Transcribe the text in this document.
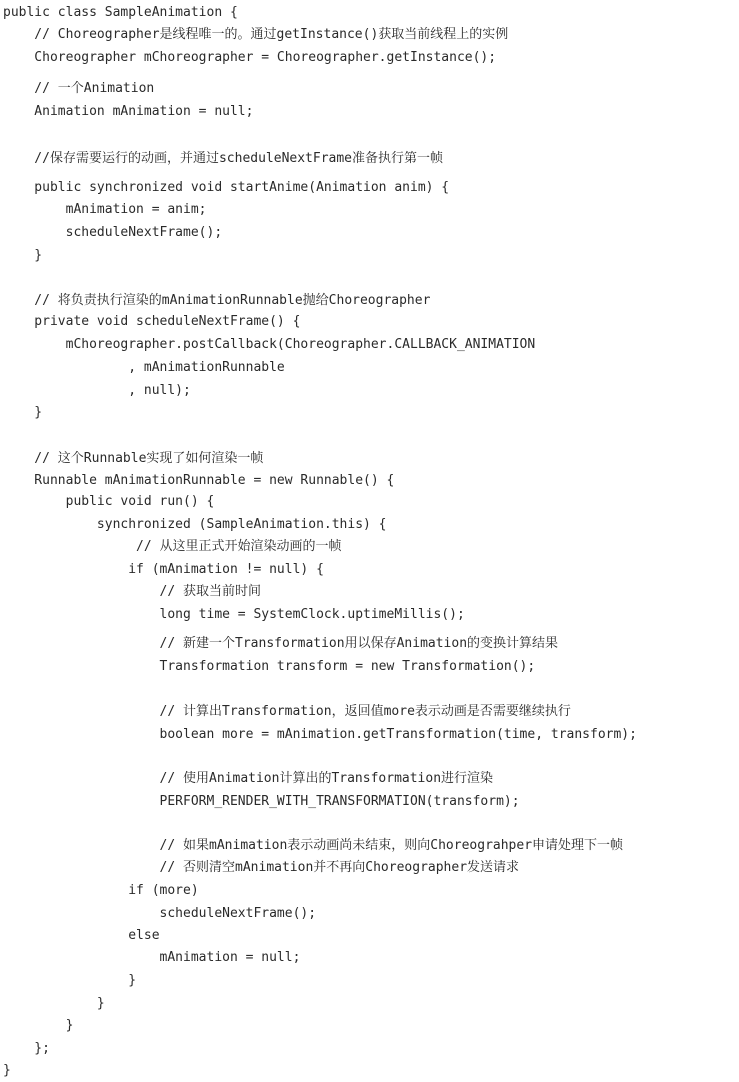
public class SampleAnimation {
// Choreographer是线程唯一的。通过getInstance()获取当前线程上的实例
Choreographer mChoreographer = Choreographer.getInstance();
// 一个Animation
Animation mAnimation = null;
//保存需要运行的动画，并通过scheduleNextFrame准备执行第一帧
public synchronized void startAnime(Animation anim) {
mAnimation = anim;
scheduleNextFrame();
}
// 将负责执行渲染的mAnimationRunnable抛给Choreographer
private void scheduleNextFrame() {
mChoreographer.postCallback(Choreographer.CALLBACK_ANIMATION
, mAnimationRunnable
, null);
}
// 这个Runnable实现了如何渲染一帧
Runnable mAnimationRunnable = new Runnable() {
public void run() {
synchronized (SampleAnimation.this) {
// 从这里正式开始渲染动画的一帧
if (mAnimation != null) {
// 获取当前时间
long time = SystemClock.uptimeMillis();
// 新建一个Transformation用以保存Animation的变换计算结果
Transformation transform = new Transformation();
// 计算出Transformation，返回值more表示动画是否需要继续执行
boolean more = mAnimation.getTransformation(time, transform);
// 使用Animation计算出的Transformation进行渲染
PERFORM_RENDER_WITH_TRANSFORMATION(transform);
// 如果mAnimation表示动画尚未结束，则向Choreograhper申请处理下一帧
// 否则清空mAnimation并不再向Choreographer发送请求
if (more)
scheduleNextFrame();
else
mAnimation = null;
}
}
}
};
}
